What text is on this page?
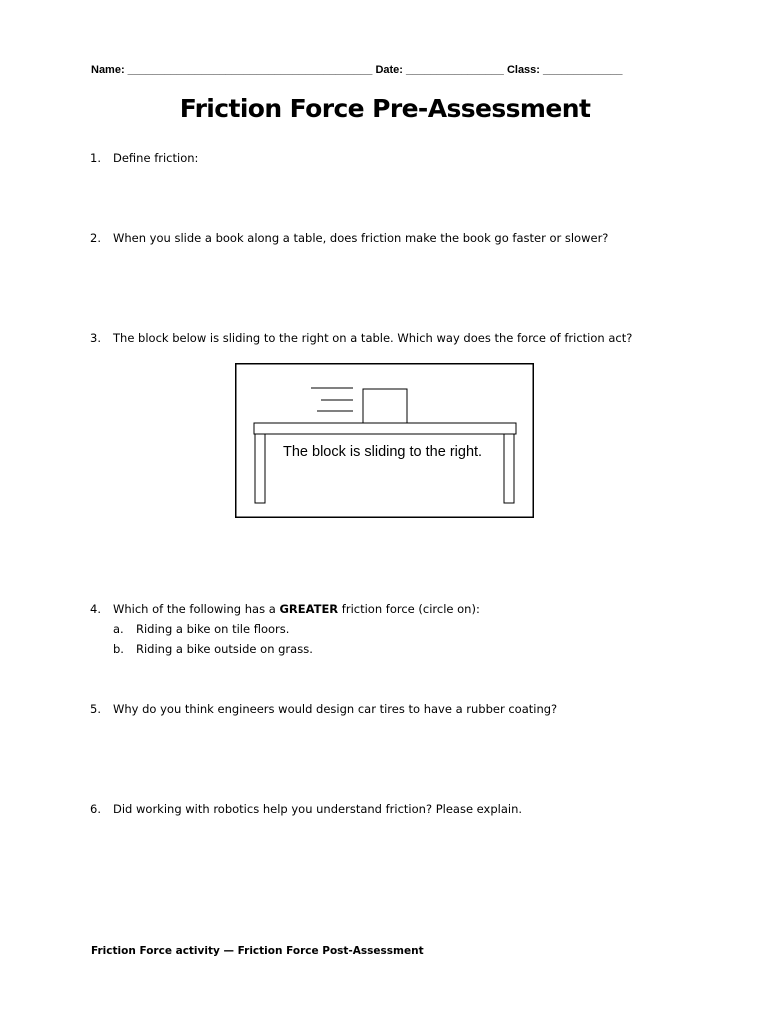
Name: ________________________________________ Date: ________________ Class: _____________
Friction Force Pre-Assessment
1. Define friction:
2. When you slide a book along a table, does friction make the book go faster or slower?
3. The block below is sliding to the right on a table. Which way does the force of friction act?
The block is sliding to the right.
4. Which of the following has a GREATER friction force (circle on):
a. Riding a bike on tile floors.
b. Riding a bike outside on grass.
5. Why do you think engineers would design car tires to have a rubber coating?
6. Did working with robotics help you understand friction? Please explain.
Friction Force activity — Friction Force Post-Assessment
